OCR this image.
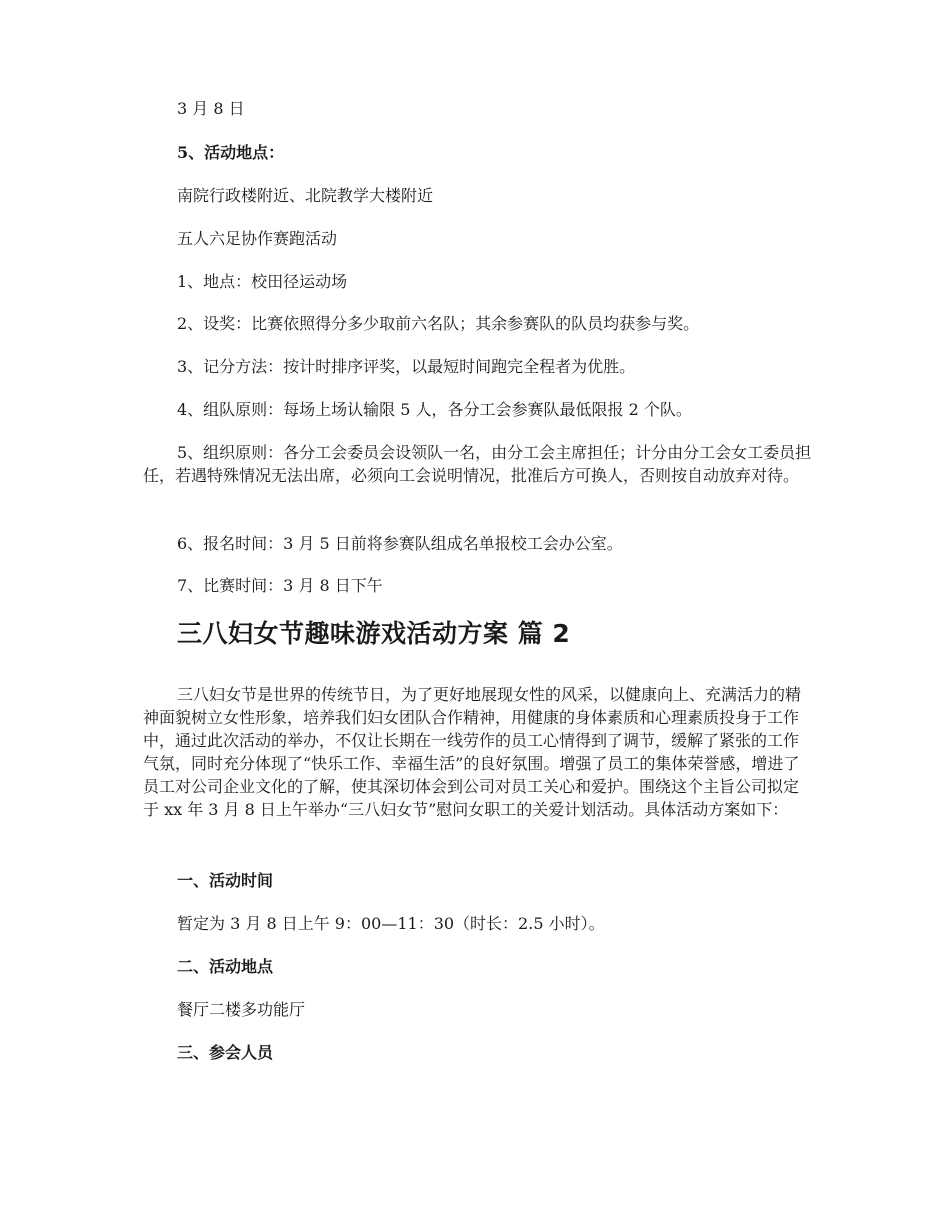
3 月 8 日

5、活动地点：

南院行政楼附近、北院教学大楼附近

五人六足协作赛跑活动

1、地点：校田径运动场

2、设奖：比赛依照得分多少取前六名队；其余参赛队的队员均获参与奖。

3、记分方法：按计时排序评奖，以最短时间跑完全程者为优胜。

4、组队原则：每场上场认输限 5 人，各分工会参赛队最低限报 2 个队。

5、组织原则：各分工会委员会设领队一名，由分工会主席担任；计分由分工会女工委员担任，若遇特殊情况无法出席，必须向工会说明情况，批准后方可换人，否则按自动放弃对待。

6、报名时间：3 月 5 日前将参赛队组成名单报校工会办公室。

7、比赛时间：3 月 8 日下午

三八妇女节趣味游戏活动方案 篇 2

三八妇女节是世界的传统节日，为了更好地展现女性的风采，以健康向上、充满活力的精神面貌树立女性形象，培养我们妇女团队合作精神，用健康的身体素质和心理素质投身于工作中，通过此次活动的举办，不仅让长期在一线劳作的员工心情得到了调节，缓解了紧张的工作气氛，同时充分体现了“快乐工作、幸福生活”的良好氛围。增强了员工的集体荣誉感，增进了员工对公司企业文化的了解，使其深切体会到公司对员工关心和爱护。围绕这个主旨公司拟定于 xx 年 3 月 8 日上午举办“三八妇女节”慰问女职工的关爱计划活动。具体活动方案如下：

一、活动时间

暂定为 3 月 8 日上午 9：00—11：30（时长：2.5 小时）。

二、活动地点

餐厅二楼多功能厅

三、参会人员
